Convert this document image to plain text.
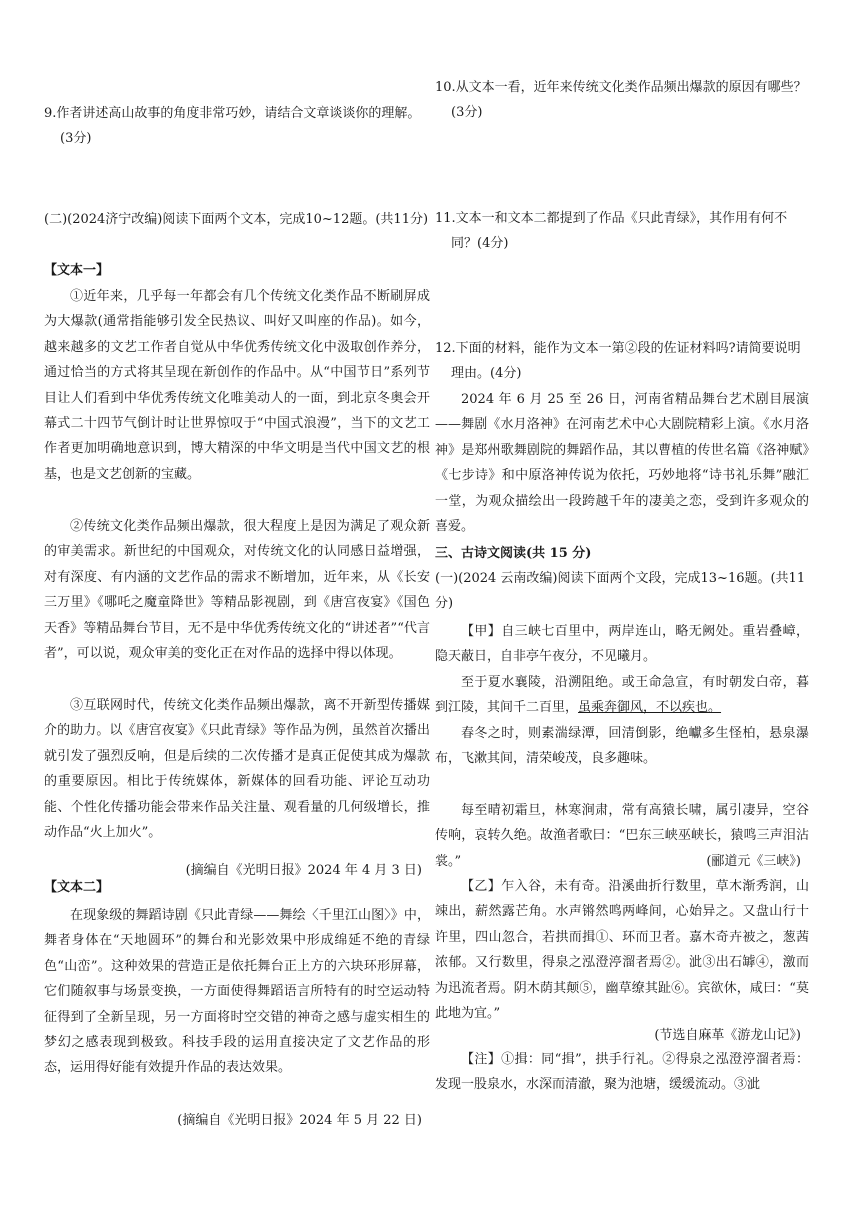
9.作者讲述高山故事的角度非常巧妙，请结合文章谈谈你的理解。(3分)
(二)(2024济宁改编)阅读下面两个文本，完成10~12题。(共11分)
【文本一】
①近年来，几乎每一年都会有几个传统文化类作品不断刷屏成为大爆款(通常指能够引发全民热议、叫好又叫座的作品)。如今，越来越多的文艺工作者自觉从中华优秀传统文化中汲取创作养分，通过恰当的方式将其呈现在新创作的作品中。从“中国节日”系列节目让人们看到中华优秀传统文化唯美动人的一面，到北京冬奥会开幕式二十四节气倒计时让世界惊叹于“中国式浪漫”，当下的文艺工作者更加明确地意识到，博大精深的中华文明是当代中国文艺的根基，也是文艺创新的宝藏。
②传统文化类作品频出爆款，很大程度上是因为满足了观众新的审美需求。新世纪的中国观众，对传统文化的认同感日益增强，对有深度、有内涵的文艺作品的需求不断增加，近年来，从《长安三万里》《哪吒之魔童降世》等精品影视剧，到《唐宫夜宴》《国色天香》等精品舞台节目，无不是中华优秀传统文化的“讲述者”“代言者”，可以说，观众审美的变化正在对作品的选择中得以体现。
③互联网时代，传统文化类作品频出爆款，离不开新型传播媒介的助力。以《唐宫夜宴》《只此青绿》等作品为例，虽然首次播出就引发了强烈反响，但是后续的二次传播才是真正促使其成为爆款的重要原因。相比于传统媒体，新媒体的回看功能、评论互动功能、个性化传播功能会带来作品关注量、观看量的几何级增长，推动作品“火上加火”。
(摘编自《光明日报》2024 年 4 月 3 日)
【文本二】
在现象级的舞蹈诗剧《只此青绿——舞绘〈千里江山图〉》中，舞者身体在“天地圆环”的舞台和光影效果中形成绵延不绝的青绿色“山峦”。这种效果的营造正是依托舞台正上方的六块环形屏幕，它们随叙事与场景变换，一方面使得舞蹈语言所特有的时空运动特征得到了全新呈现，另一方面将时空交错的神奇之感与虚实相生的梦幻之感表现到极致。科技手段的运用直接决定了文艺作品的形态，运用得好能有效提升作品的表达效果。
(摘编自《光明日报》2024 年 5 月 22 日)
10.从文本一看，近年来传统文化类作品频出爆款的原因有哪些？(3分)
11.文本一和文本二都提到了作品《只此青绿》，其作用有何不同？(4分)
12.下面的材料，能作为文本一第②段的佐证材料吗?请简要说明理由。(4分)
2024 年 6 月 25 至 26 日，河南省精品舞台艺术剧目展演——舞剧《水月洛神》在河南艺术中心大剧院精彩上演。《水月洛神》是郑州歌舞剧院的舞蹈作品，其以曹植的传世名篇《洛神赋》《七步诗》和中原洛神传说为依托，巧妙地将“诗书礼乐舞”融汇一堂，为观众描绘出一段跨越千年的凄美之恋，受到许多观众的喜爱。
三、古诗文阅读(共 15 分)
(一)(2024 云南改编)阅读下面两个文段，完成13~16题。(共11分)
【甲】自三峡七百里中，两岸连山，略无阙处。重岩叠嶂，隐天蔽日，自非亭午夜分，不见曦月。
至于夏水襄陵，沿溯阻绝。或王命急宣，有时朝发白帝，暮到江陵，其间千二百里，虽乘奔御风，不以疾也。
春冬之时，则素湍绿潭，回清倒影，绝巘多生怪柏，悬泉瀑布，飞漱其间，清荣峻茂，良多趣味。
每至晴初霜旦，林寒涧肃，常有高猿长啸，属引凄异，空谷传响，哀转久绝。故渔者歌曰：“巴东三峡巫峡长，猿鸣三声泪沾裳。”	(郦道元《三峡》)
【乙】乍入谷，未有奇。沿溪曲折行数里，草木渐秀润，山竦出，薪然露芒角。水声锵然鸣两峰间，心始异之。又盘山行十许里，四山忽合，若拱而揖①、环而卫者。嘉木奇卉被之，葱茜浓郁。又行数里，得泉之泓澄渟溜者焉②。泚③出石罅④，激而为迅流者焉。阴木荫其颠⑤，幽草缭其趾⑥。宾欲休，咸曰：“莫此地为宜。”
(节选自麻革《游龙山记》)
【注】①揖：同“揖”，拱手行礼。②得泉之泓澄渟溜者焉：发现一股泉水，水深而清澈，聚为池塘，缓缓流动。③泚
